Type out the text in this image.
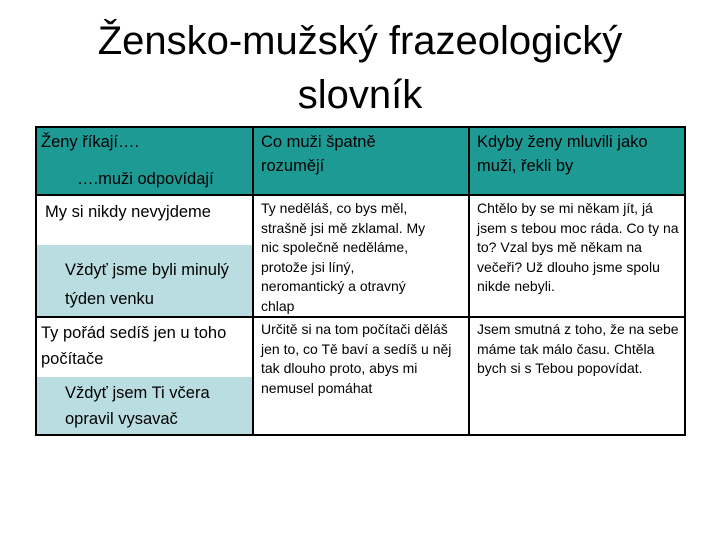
Žensko-mužský frazeologický
slovník
Ženy říkají….
….muži odpovídají
Co muži špatně rozumějí
Kdyby ženy mluvili jako muži, řekli by
My si nikdy nevyjdeme
Vždyť jsme byli minulý týden venku
Ty neděláš, co bys měl, strašně jsi mě zklamal. My nic společně neděláme, protože jsi líný, neromantický a otravný chlap
Chtělo by se mi někam jít, já jsem s tebou moc ráda. Co ty na to? Vzal bys mě někam na večeři? Už dlouho jsme spolu nikde nebyli.
Ty pořád sedíš jen u toho počítače
Vždyť jsem Ti včera opravil vysavač
Určitě si na tom počítači děláš jen to, co Tě baví a sedíš u něj tak dlouho proto, abys mi nemusel pomáhat
Jsem smutná z toho, že na sebe máme tak málo času. Chtěla bych si s Tebou popovídat.
